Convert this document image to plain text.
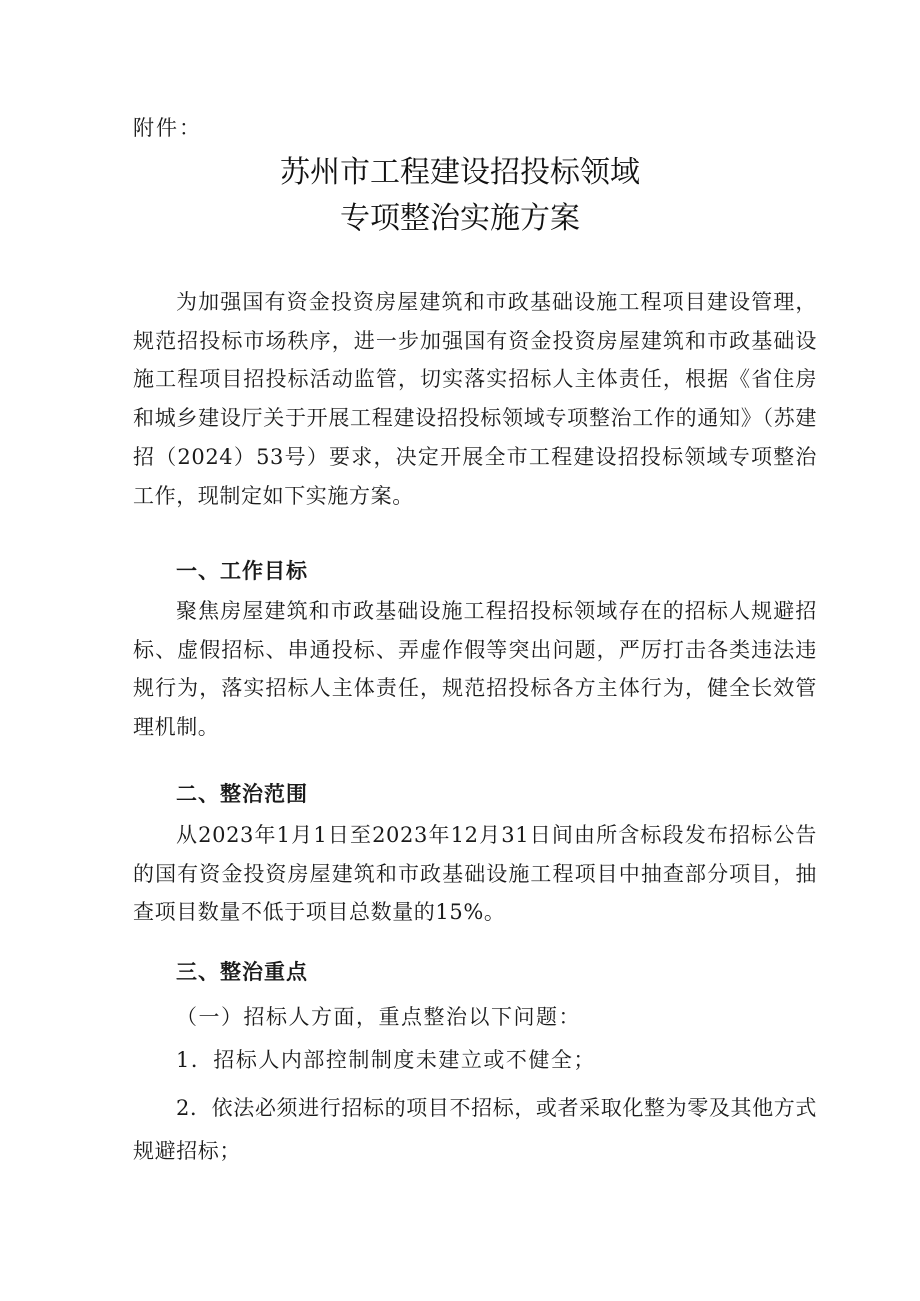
附件：
苏州市工程建设招投标领域
专项整治实施方案

为加强国有资金投资房屋建筑和市政基础设施工程项目建设管理，规范招投标市场秩序，进一步加强国有资金投资房屋建筑和市政基础设施工程项目招投标活动监管，切实落实招标人主体责任，根据《省住房和城乡建设厅关于开展工程建设招投标领域专项整治工作的通知》（苏建招（2024）53号）要求，决定开展全市工程建设招投标领域专项整治工作，现制定如下实施方案。

一、工作目标

聚焦房屋建筑和市政基础设施工程招投标领域存在的招标人规避招标、虚假招标、串通投标、弄虚作假等突出问题，严厉打击各类违法违规行为，落实招标人主体责任，规范招投标各方主体行为，健全长效管理机制。

二、整治范围

从2023年1月1日至2023年12月31日间由所含标段发布招标公告的国有资金投资房屋建筑和市政基础设施工程项目中抽查部分项目，抽查项目数量不低于项目总数量的15%。

三、整治重点

（一）招标人方面，重点整治以下问题：

1．招标人内部控制制度未建立或不健全；

2．依法必须进行招标的项目不招标，或者采取化整为零及其他方式规避招标；
